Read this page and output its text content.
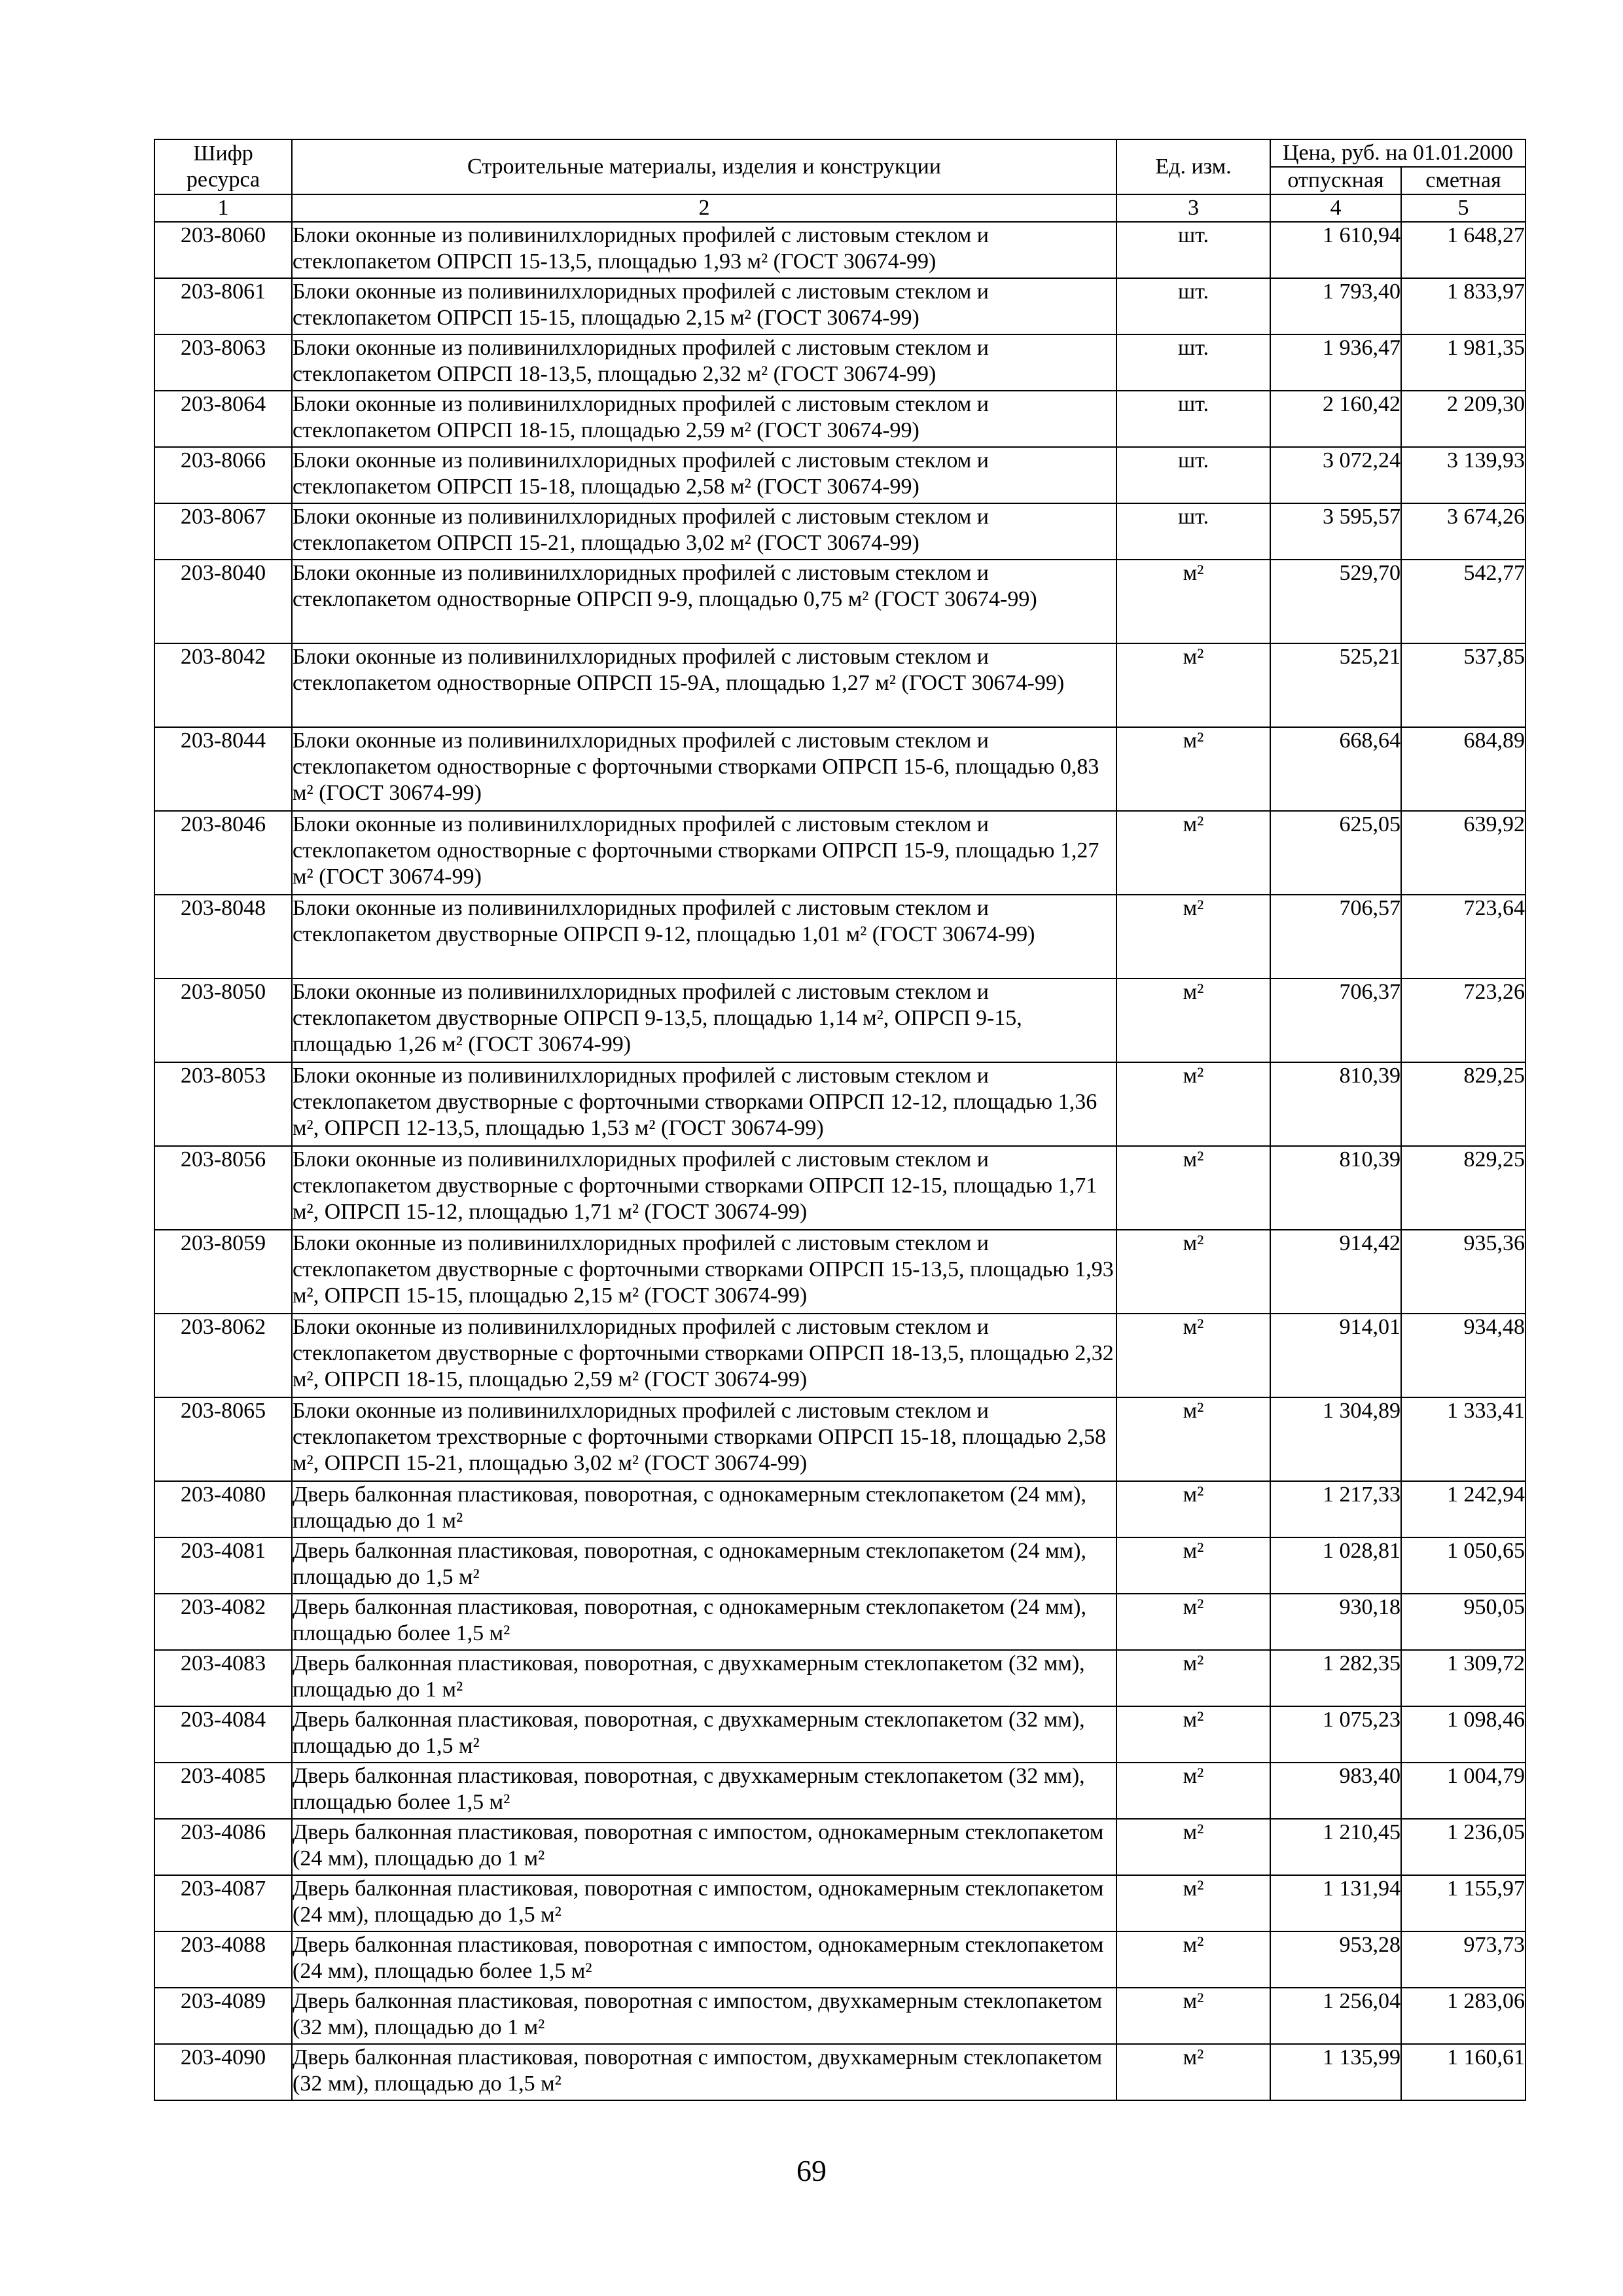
Шифр ресурса	Строительные материалы, изделия и конструкции	Ед. изм.	Цена, руб. на 01.01.2000	
			отпускная	сметная
1	2	3	4	5
203-8060	Блоки оконные из поливинилхлоридных профилей с листовым стеклом и стеклопакетом ОПРСП 15-13,5, площадью 1,93 м² (ГОСТ 30674-99)	шт.	1 610,94	1 648,27
203-8061	Блоки оконные из поливинилхлоридных профилей с листовым стеклом и стеклопакетом ОПРСП 15-15, площадью 2,15 м² (ГОСТ 30674-99)	шт.	1 793,40	1 833,97
203-8063	Блоки оконные из поливинилхлоридных профилей с листовым стеклом и стеклопакетом ОПРСП 18-13,5, площадью 2,32 м² (ГОСТ 30674-99)	шт.	1 936,47	1 981,35
203-8064	Блоки оконные из поливинилхлоридных профилей с листовым стеклом и стеклопакетом ОПРСП 18-15, площадью 2,59 м² (ГОСТ 30674-99)	шт.	2 160,42	2 209,30
203-8066	Блоки оконные из поливинилхлоридных профилей с листовым стеклом и стеклопакетом ОПРСП 15-18, площадью 2,58 м² (ГОСТ 30674-99)	шт.	3 072,24	3 139,93
203-8067	Блоки оконные из поливинилхлоридных профилей с листовым стеклом и стеклопакетом ОПРСП 15-21, площадью 3,02 м² (ГОСТ 30674-99)	шт.	3 595,57	3 674,26
203-8040	Блоки оконные из поливинилхлоридных профилей с листовым стеклом и стеклопакетом одностворные ОПРСП 9-9, площадью 0,75 м² (ГОСТ 30674-99)	м²	529,70	542,77
203-8042	Блоки оконные из поливинилхлоридных профилей с листовым стеклом и стеклопакетом одностворные ОПРСП 15-9А, площадью 1,27 м² (ГОСТ 30674-99)	м²	525,21	537,85
203-8044	Блоки оконные из поливинилхлоридных профилей с листовым стеклом и стеклопакетом одностворные с форточными створками ОПРСП 15-6, площадью 0,83 м² (ГОСТ 30674-99)	м²	668,64	684,89
203-8046	Блоки оконные из поливинилхлоридных профилей с листовым стеклом и стеклопакетом одностворные с форточными створками ОПРСП 15-9, площадью 1,27 м² (ГОСТ 30674-99)	м²	625,05	639,92
203-8048	Блоки оконные из поливинилхлоридных профилей с листовым стеклом и стеклопакетом двустворные ОПРСП 9-12, площадью 1,01 м² (ГОСТ 30674-99)	м²	706,57	723,64
203-8050	Блоки оконные из поливинилхлоридных профилей с листовым стеклом и стеклопакетом двустворные ОПРСП 9-13,5, площадью 1,14 м², ОПРСП 9-15, площадью 1,26 м² (ГОСТ 30674-99)	м²	706,37	723,26
203-8053	Блоки оконные из поливинилхлоридных профилей с листовым стеклом и стеклопакетом двустворные с форточными створками ОПРСП 12-12, площадью 1,36 м², ОПРСП 12-13,5, площадью 1,53 м² (ГОСТ 30674-99)	м²	810,39	829,25
203-8056	Блоки оконные из поливинилхлоридных профилей с листовым стеклом и стеклопакетом двустворные с форточными створками ОПРСП 12-15, площадью 1,71 м², ОПРСП 15-12, площадью 1,71 м² (ГОСТ 30674-99)	м²	810,39	829,25
203-8059	Блоки оконные из поливинилхлоридных профилей с листовым стеклом и стеклопакетом двустворные с форточными створками ОПРСП 15-13,5, площадью 1,93 м², ОПРСП 15-15, площадью 2,15 м² (ГОСТ 30674-99)	м²	914,42	935,36
203-8062	Блоки оконные из поливинилхлоридных профилей с листовым стеклом и стеклопакетом двустворные с форточными створками ОПРСП 18-13,5, площадью 2,32 м², ОПРСП 18-15, площадью 2,59 м² (ГОСТ 30674-99)	м²	914,01	934,48
203-8065	Блоки оконные из поливинилхлоридных профилей с листовым стеклом и стеклопакетом трехстворные с форточными створками ОПРСП 15-18, площадью 2,58 м², ОПРСП 15-21, площадью 3,02 м² (ГОСТ 30674-99)	м²	1 304,89	1 333,41
203-4080	Дверь балконная пластиковая, поворотная, с однокамерным стеклопакетом (24 мм), площадью до 1 м²	м²	1 217,33	1 242,94
203-4081	Дверь балконная пластиковая, поворотная, с однокамерным стеклопакетом (24 мм), площадью до 1,5 м²	м²	1 028,81	1 050,65
203-4082	Дверь балконная пластиковая, поворотная, с однокамерным стеклопакетом (24 мм), площадью более 1,5 м²	м²	930,18	950,05
203-4083	Дверь балконная пластиковая, поворотная, с двухкамерным стеклопакетом (32 мм), площадью до 1 м²	м²	1 282,35	1 309,72
203-4084	Дверь балконная пластиковая, поворотная, с двухкамерным стеклопакетом (32 мм), площадью до 1,5 м²	м²	1 075,23	1 098,46
203-4085	Дверь балконная пластиковая, поворотная, с двухкамерным стеклопакетом (32 мм), площадью более 1,5 м²	м²	983,40	1 004,79
203-4086	Дверь балконная пластиковая, поворотная с импостом, однокамерным стеклопакетом (24 мм), площадью до 1 м²	м²	1 210,45	1 236,05
203-4087	Дверь балконная пластиковая, поворотная с импостом, однокамерным стеклопакетом (24 мм), площадью до 1,5 м²	м²	1 131,94	1 155,97
203-4088	Дверь балконная пластиковая, поворотная с импостом, однокамерным стеклопакетом (24 мм), площадью более 1,5 м²	м²	953,28	973,73
203-4089	Дверь балконная пластиковая, поворотная с импостом, двухкамерным стеклопакетом (32 мм), площадью до 1 м²	м²	1 256,04	1 283,06
203-4090	Дверь балконная пластиковая, поворотная с импостом, двухкамерным стеклопакетом (32 мм), площадью до 1,5 м²	м²	1 135,99	1 160,61
69
